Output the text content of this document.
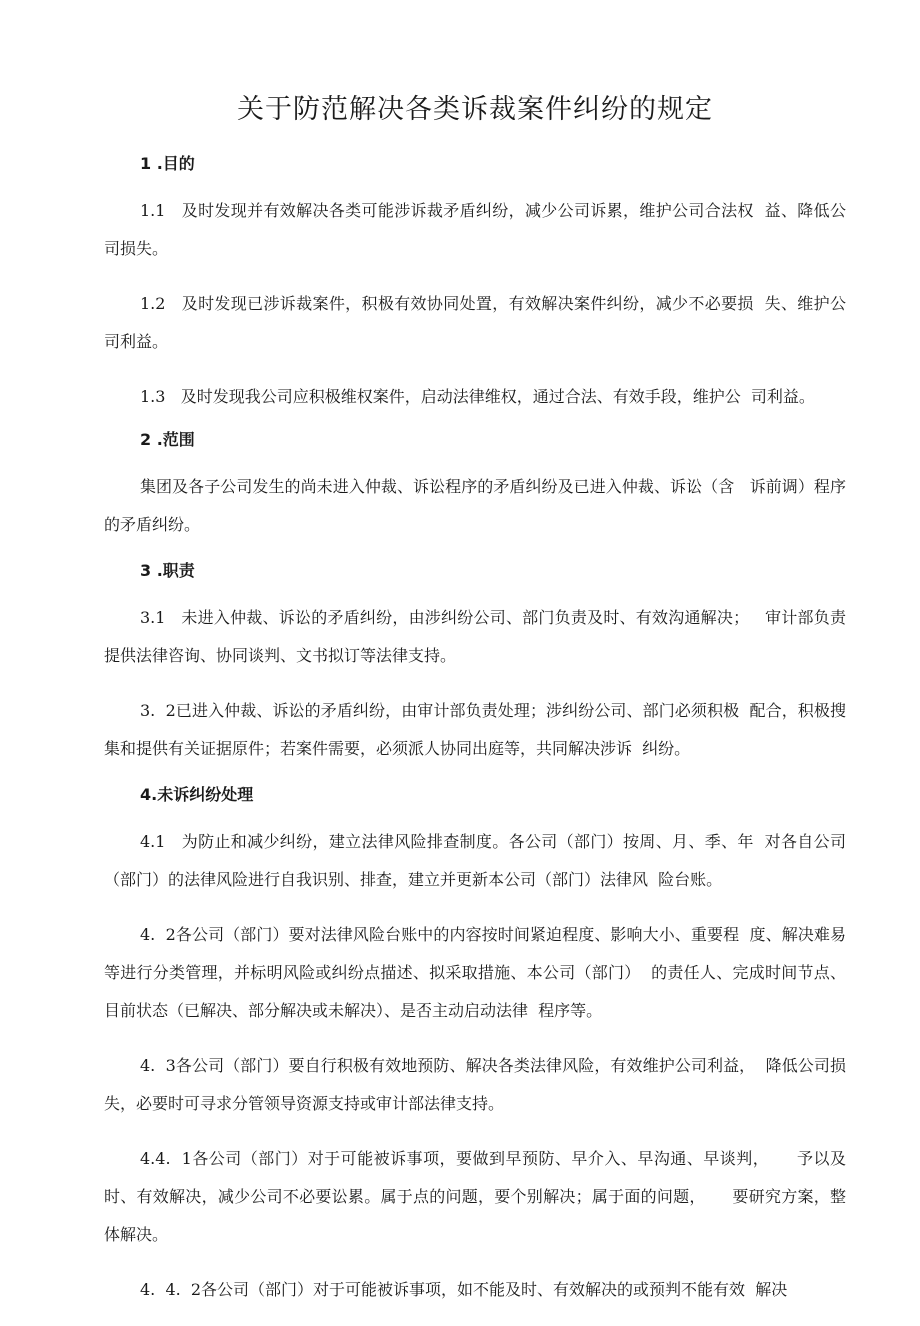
关于防范解决各类诉裁案件纠纷的规定
1 .目的

1.1   及时发现并有效解决各类可能涉诉裁矛盾纠纷，减少公司诉累，维护公司合法权  益、降低公司损失。

1.2   及时发现已涉诉裁案件，积极有效协同处置，有效解决案件纠纷，减少不必要损  失、维护公司利益。

1.3   及时发现我公司应积极维权案件，启动法律维权，通过合法、有效手段，维护公  司利益。

2 .范围

集团及各子公司发生的尚未进入仲裁、诉讼程序的矛盾纠纷及已进入仲裁、诉讼（含   诉前调）程序的矛盾纠纷。

3 .职责

3.1   未进入仲裁、诉讼的矛盾纠纷，由涉纠纷公司、部门负责及时、有效沟通解决；   审计部负责提供法律咨询、协同谈判、文书拟订等法律支持。

3.  2已进入仲裁、诉讼的矛盾纠纷，由审计部负责处理；涉纠纷公司、部门必须积极  配合，积极搜集和提供有关证据原件；若案件需要，必须派人协同出庭等，共同解决涉诉  纠纷。

4.未诉纠纷处理

4.1   为防止和减少纠纷，建立法律风险排查制度。各公司（部门）按周、月、季、年  对各自公司（部门）的法律风险进行自我识别、排查，建立并更新本公司（部门）法律风  险台账。

4.  2各公司（部门）要对法律风险台账中的内容按时间紧迫程度、影响大小、重要程  度、解决难易等进行分类管理，并标明风险或纠纷点描述、拟采取措施、本公司（部门）  的责任人、完成时间节点、目前状态（已解决、部分解决或未解决）、是否主动启动法律  程序等。

4.  3各公司（部门）要自行积极有效地预防、解决各类法律风险，有效维护公司利益，  降低公司损失，必要时可寻求分管领导资源支持或审计部法律支持。

4.4.  1各公司（部门）对于可能被诉事项，要做到早预防、早介入、早沟通、早谈判，     予以及时、有效解决，减少公司不必要讼累。属于点的问题，要个别解决；属于面的问题，     要研究方案，整体解决。

4.  4.  2各公司（部门）对于可能被诉事项，如不能及时、有效解决的或预判不能有效  解决
